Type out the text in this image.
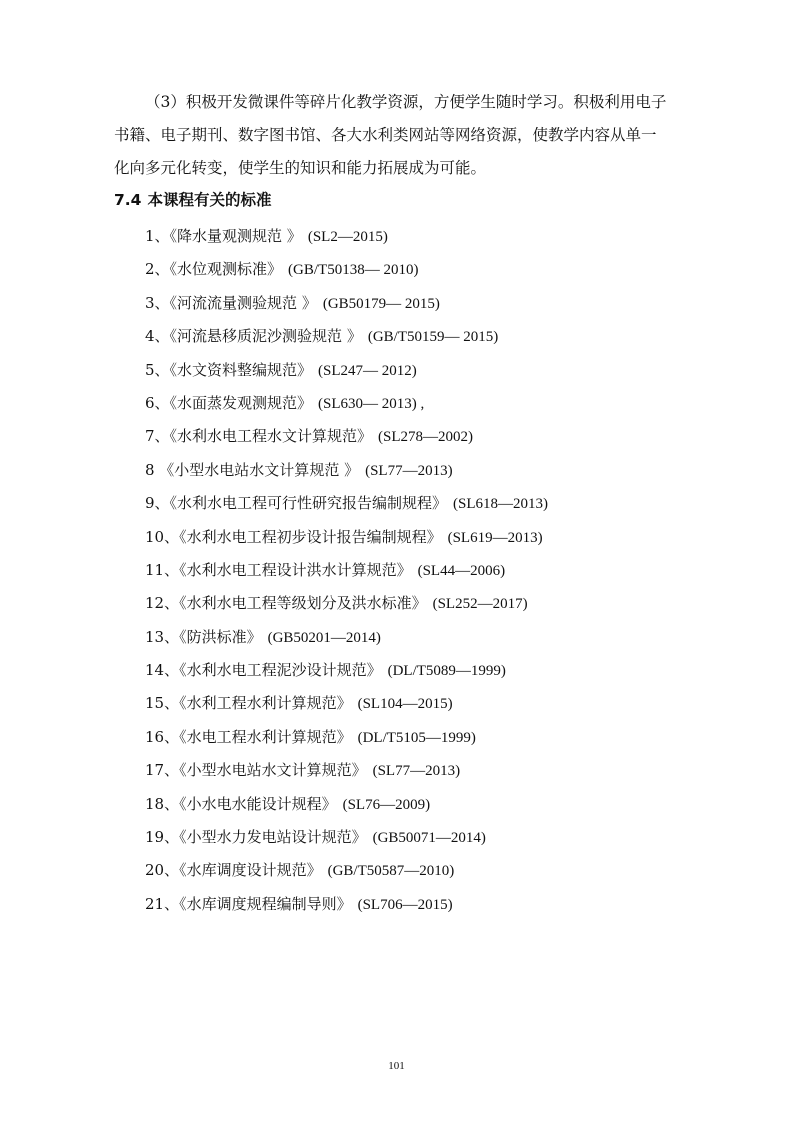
（3）积极开发微课件等碎片化教学资源，方便学生随时学习。积极利用电子
书籍、电子期刊、数字图书馆、各大水利类网站等网络资源，使教学内容从单一
化向多元化转变，使学生的知识和能力拓展成为可能。

7.4 本课程有关的标准
1、《降水量观测规范 》 (SL2—2015)
2、《水位观测标准》 (GB/T50138— 2010)
3、《河流流量测验规范 》 (GB50179— 2015)
4、《河流悬移质泥沙测验规范 》 (GB/T50159— 2015)
5、《水文资料整编规范》 (SL247— 2012)
6、《水面蒸发观测规范》 (SL630— 2013) ,
7、《水利水电工程水文计算规范》 (SL278—2002)
8 《小型水电站水文计算规范 》 (SL77—2013)
9、《水利水电工程可行性研究报告编制规程》 (SL618—2013)
10、《水利水电工程初步设计报告编制规程》 (SL619—2013)
11、《水利水电工程设计洪水计算规范》 (SL44—2006)
12、《水利水电工程等级划分及洪水标准》 (SL252—2017)
13、《防洪标准》 (GB50201—2014)
14、《水利水电工程泥沙设计规范》 (DL/T5089—1999)
15、《水利工程水利计算规范》 (SL104—2015)
16、《水电工程水利计算规范》 (DL/T5105—1999)
17、《小型水电站水文计算规范》 (SL77—2013)
18、《小水电水能设计规程》 (SL76—2009)
19、《小型水力发电站设计规范》 (GB50071—2014)
20、《水库调度设计规范》 (GB/T50587—2010)
21、《水库调度规程编制导则》 (SL706—2015)
101
